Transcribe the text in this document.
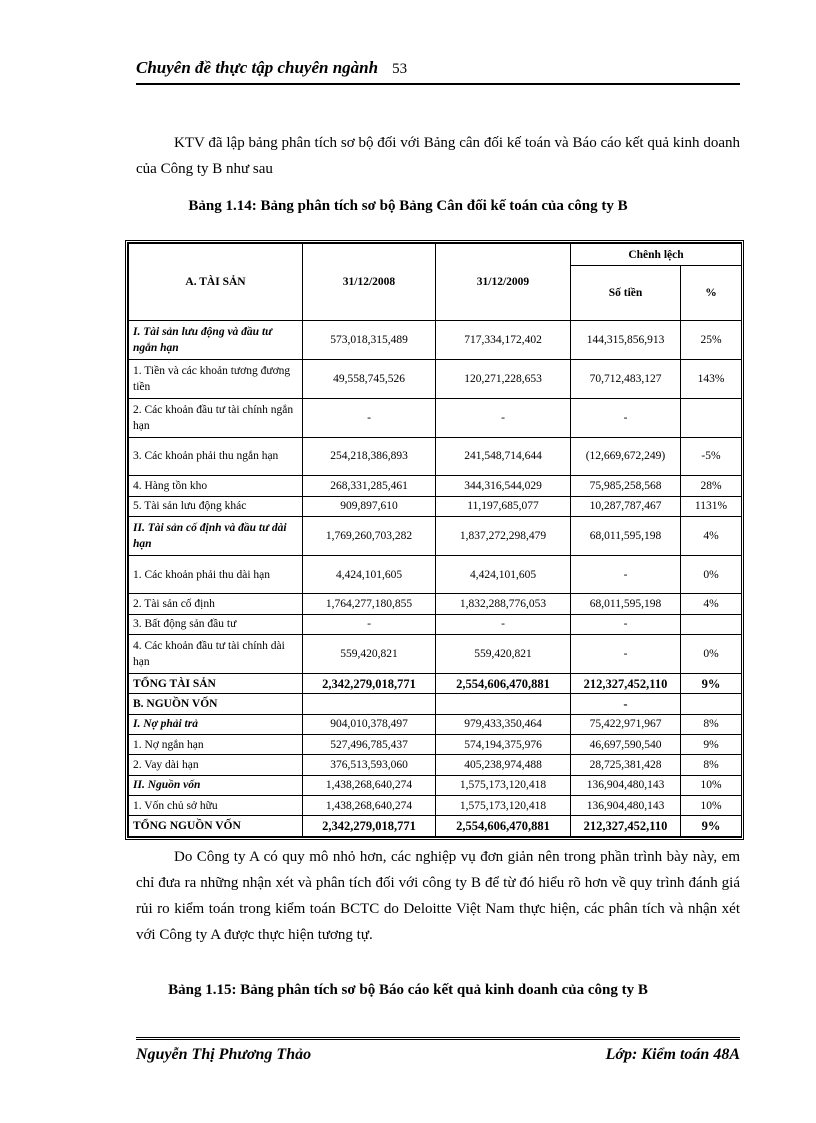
Chuyên đề thực tập chuyên ngành 53

KTV đã lập bảng phân tích sơ bộ đối với Bảng cân đối kế toán và Báo cáo kết quả kinh doanh của Công ty B như sau

Bảng 1.14: Bảng phân tích sơ bộ Bảng Cân đối kế toán của công ty B
A. TÀI SẢN	31/12/2008	31/12/2009	Chênh lệch	
			Số tiền	%
I. Tài sản lưu động và đầu tư ngắn hạn	573,018,315,489	717,334,172,402	144,315,856,913	25%
1. Tiền và các khoản tương đương tiền	49,558,745,526	120,271,228,653	70,712,483,127	143%
2. Các khoản đầu tư tài chính ngắn hạn	-	-	-	
3. Các khoản phải thu ngắn hạn	254,218,386,893	241,548,714,644	(12,669,672,249)	-5%
4. Hàng tồn kho	268,331,285,461	344,316,544,029	75,985,258,568	28%
5. Tài sản lưu động khác	909,897,610	11,197,685,077	10,287,787,467	1131%
II. Tài sản cố định và đầu tư dài hạn	1,769,260,703,282	1,837,272,298,479	68,011,595,198	4%
1. Các khoản phải thu dài hạn	4,424,101,605	4,424,101,605	-	0%
2. Tài sản cố định	1,764,277,180,855	1,832,288,776,053	68,011,595,198	4%
3. Bất động sản đầu tư	-	-	-	
4. Các khoản đầu tư tài chính dài hạn	559,420,821	559,420,821	-	0%
TỔNG TÀI SẢN	2,342,279,018,771	2,554,606,470,881	212,327,452,110	9%
B. NGUỒN VỐN			-	
I. Nợ phải trả	904,010,378,497	979,433,350,464	75,422,971,967	8%
1. Nợ ngắn hạn	527,496,785,437	574,194,375,976	46,697,590,540	9%
2. Vay dài hạn	376,513,593,060	405,238,974,488	28,725,381,428	8%
II. Nguồn vốn	1,438,268,640,274	1,575,173,120,418	136,904,480,143	10%
1. Vốn chủ sở hữu	1,438,268,640,274	1,575,173,120,418	136,904,480,143	10%
TỔNG NGUỒN VỐN	2,342,279,018,771	2,554,606,470,881	212,327,452,110	9%

Do Công ty A có quy mô nhỏ hơn, các nghiệp vụ đơn giản nên trong phần trình bày này, em chỉ đưa ra những nhận xét và phân tích đối với công ty B để từ đó hiểu rõ hơn về quy trình đánh giá rủi ro kiểm toán trong kiểm toán BCTC do Deloitte Việt Nam thực hiện, các phân tích và nhận xét với Công ty A được thực hiện tương tự.

Bảng 1.15: Bảng phân tích sơ bộ Báo cáo kết quả kinh doanh của công ty B
Nguyễn Thị Phương Thảo	Lớp: Kiểm toán 48A
